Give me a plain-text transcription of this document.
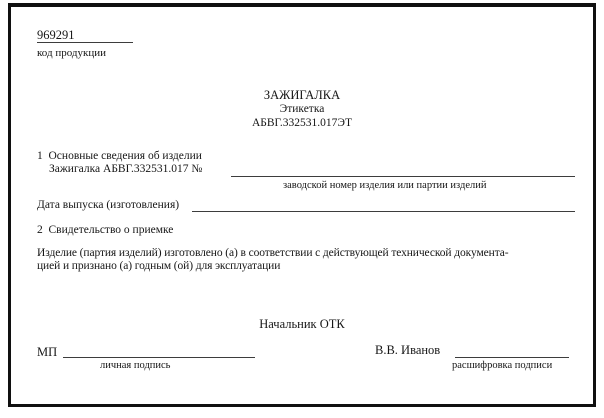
969291
код продукции
ЗАЖИГАЛКА
Этикетка
АБВГ.332531.017ЭТ
1  Основные сведения об изделии
Зажигалка АБВГ.332531.017 №
заводской номер изделия или партии изделий
Дата выпуска (изготовления)
2  Свидетельство о приемке
Изделие (партия изделий) изготовлено (а) в соответствии с действующей технической документа-
цией и признано (а) годным (ой) для эксплуатации
Начальник ОТК
МП
личная подпись
В.В. Иванов
расшифровка подписи
